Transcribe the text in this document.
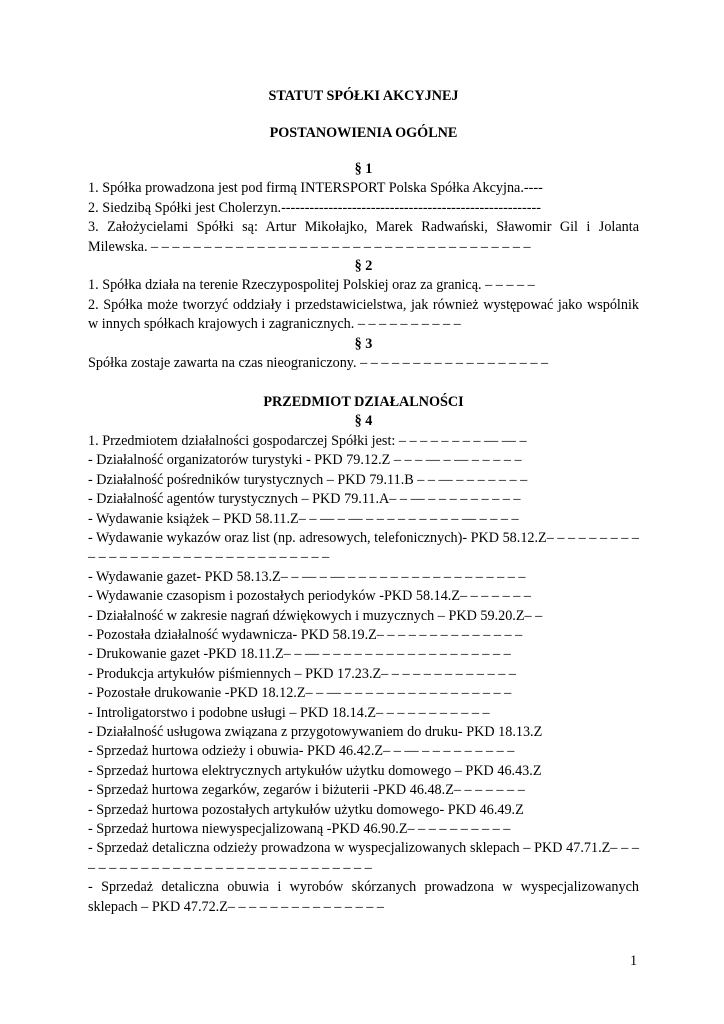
STATUT SPÓŁKI AKCYJNEJ

POSTANOWIENIA OGÓLNE

§ 1

1. Spółka prowadzona jest pod firmą INTERSPORT Polska Spółka Akcyjna.----

2. Siedzibą Spółki jest Cholerzyn.-------------------------------------------------------

3. Założycielami Spółki są: Artur Mikołajko, Marek Radwański, Sławomir Gil i Jolanta Milewska. – – – – – – – – – – – – – – – – – – – – – – – – – – – – – – – – – – – –

§ 2

1. Spółka działa na terenie Rzeczypospolitej Polskiej oraz za granicą. – – – – –

2. Spółka może tworzyć oddziały i przedstawicielstwa, jak również występować jako wspólnik w innych spółkach krajowych i zagranicznych. – – – – – – – – – –

§ 3

Spółka zostaje zawarta na czas nieograniczony. – – – – – – – – – – – – – – – – – –

PRZEDMIOT DZIAŁALNOŚCI

§ 4

1. Przedmiotem działalności gospodarczej Spółki jest: – – – – – – – – –– –– –

- Działalność organizatorów turystyki - PKD 79.12.Z – – – –– – –– – – – – –

- Działalność pośredników turystycznych – PKD 79.11.B – – –– – – – – – – –

- Działalność agentów turystycznych – PKD 79.11.A– – –– – – – – – – – – –

- Wydawanie książek – PKD 58.11.Z– – –– – –– – – – – – – – – – –– – – – –

- Wydawanie wykazów oraz list (np. adresowych, telefonicznych)- PKD 58.12.Z– – – – – – – – – – – – – – – – – – – – – – – – – – – – – – – –

- Wydawanie gazet- PKD 58.13.Z– – –– – –– – – – – – – – – – – – – – – – – –

- Wydawanie czasopism i pozostałych periodyków -PKD 58.14.Z– – – – – – –

- Działalność w zakresie nagrań dźwiękowych i muzycznych – PKD 59.20.Z– –

- Pozostała działalność wydawnicza- PKD 58.19.Z– – – – – – – – – – – – – –

- Drukowanie gazet -PKD 18.11.Z– – –– – – – – – – – – – – – – – – – – – –

- Produkcja artykułów piśmiennych – PKD 17.23.Z– – – – – – – – – – – – –

- Pozostałe drukowanie -PKD 18.12.Z– – –– – – – – – – – – – – – – – – – –

- Introligatorstwo i podobne usługi – PKD 18.14.Z– – – – – – – – – – –

- Działalność usługowa związana z przygotowywaniem do druku- PKD 18.13.Z

- Sprzedaż hurtowa odzieży i obuwia- PKD 46.42.Z– – –– – – – – – – – – –

- Sprzedaż hurtowa elektrycznych artykułów użytku domowego – PKD 46.43.Z

- Sprzedaż hurtowa zegarków, zegarów i biżuterii -PKD 46.48.Z– – – – – – –

- Sprzedaż hurtowa pozostałych artykułów użytku domowego- PKD 46.49.Z

- Sprzedaż hurtowa niewyspecjalizowaną -PKD 46.90.Z– – – – – – – – – –

- Sprzedaż detaliczna odzieży prowadzona w wyspecjalizowanych sklepach – PKD 47.71.Z– – – – – – – – – – – – – – – – – – – – – – – – – – – – – –

- Sprzedaż detaliczna obuwia i wyrobów skórzanych prowadzona w wyspecjalizowanych sklepach – PKD 47.72.Z– – – – – – – – – – – – – – –

1
